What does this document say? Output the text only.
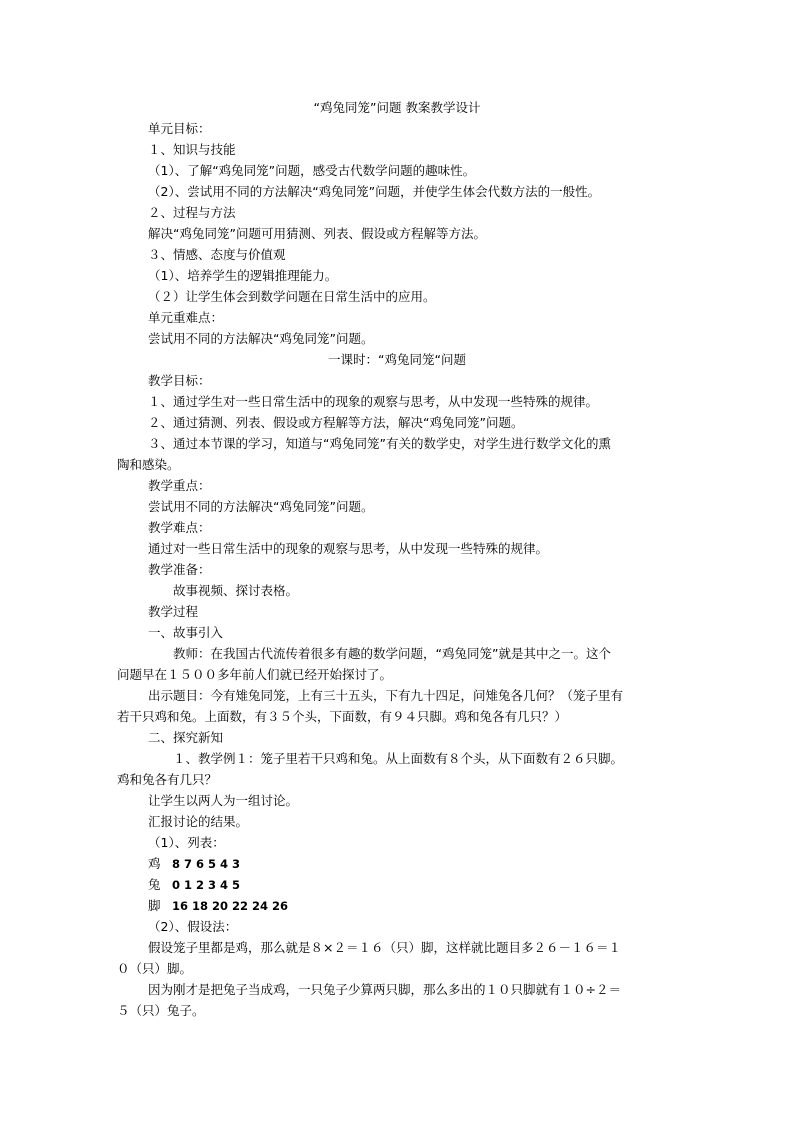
“鸡兔同笼”问题 教案教学设计
单元目标：
１、知识与技能
（1）、了解“鸡兔同笼”问题，感受古代数学问题的趣味性。
（2）、尝试用不同的方法解决“鸡兔同笼”问题，并使学生体会代数方法的一般性。
２、过程与方法
解决“鸡兔同笼”问题可用猜测、列表、假设或方程解等方法。
３、情感、态度与价值观
（1）、培养学生的逻辑推理能力。
（２）让学生体会到数学问题在日常生活中的应用。
单元重难点：
尝试用不同的方法解决“鸡兔同笼”问题。
一课时：“鸡兔同笼“问题
教学目标：
１、通过学生对一些日常生活中的现象的观察与思考，从中发现一些特殊的规律。
２、通过猜测、列表、假设或方程解等方法，解决“鸡兔同笼”问题。
３、通过本节课的学习，知道与“鸡兔同笼”有关的数学史，对学生进行数学文化的熏
陶和感染。
教学重点：
尝试用不同的方法解决“鸡兔同笼”问题。
教学难点：
通过对一些日常生活中的现象的观察与思考，从中发现一些特殊的规律。
教学准备：
故事视频、探讨表格。
教学过程
一、故事引入
教师：在我国古代流传着很多有趣的数学问题，“鸡兔同笼”就是其中之一。这个
问题早在１５００多年前人们就已经开始探讨了。
出示题目：今有雉兔同笼，上有三十五头，下有九十四足，问雉兔各几何？（笼子里有
若干只鸡和兔。上面数，有３５个头，下面数，有９４只脚。鸡和兔各有几只？）
二、探究新知
１、教学例１：笼子里若干只鸡和兔。从上面数有８个头，从下面数有２６只脚。
鸡和兔各有几只？
让学生以两人为一组讨论。
汇报讨论的结果。
（1）、列表：
鸡 8 7 6 5 4 3
兔 0 1 2 3 4 5
脚 16 18 20 22 24 26
（2）、假设法：
假设笼子里都是鸡，那么就是８×２＝１６（只）脚，这样就比题目多２６－１６＝１
０（只）脚。
因为刚才是把兔子当成鸡，一只兔子少算两只脚，那么多出的１０只脚就有１０÷２＝
５（只）兔子。
